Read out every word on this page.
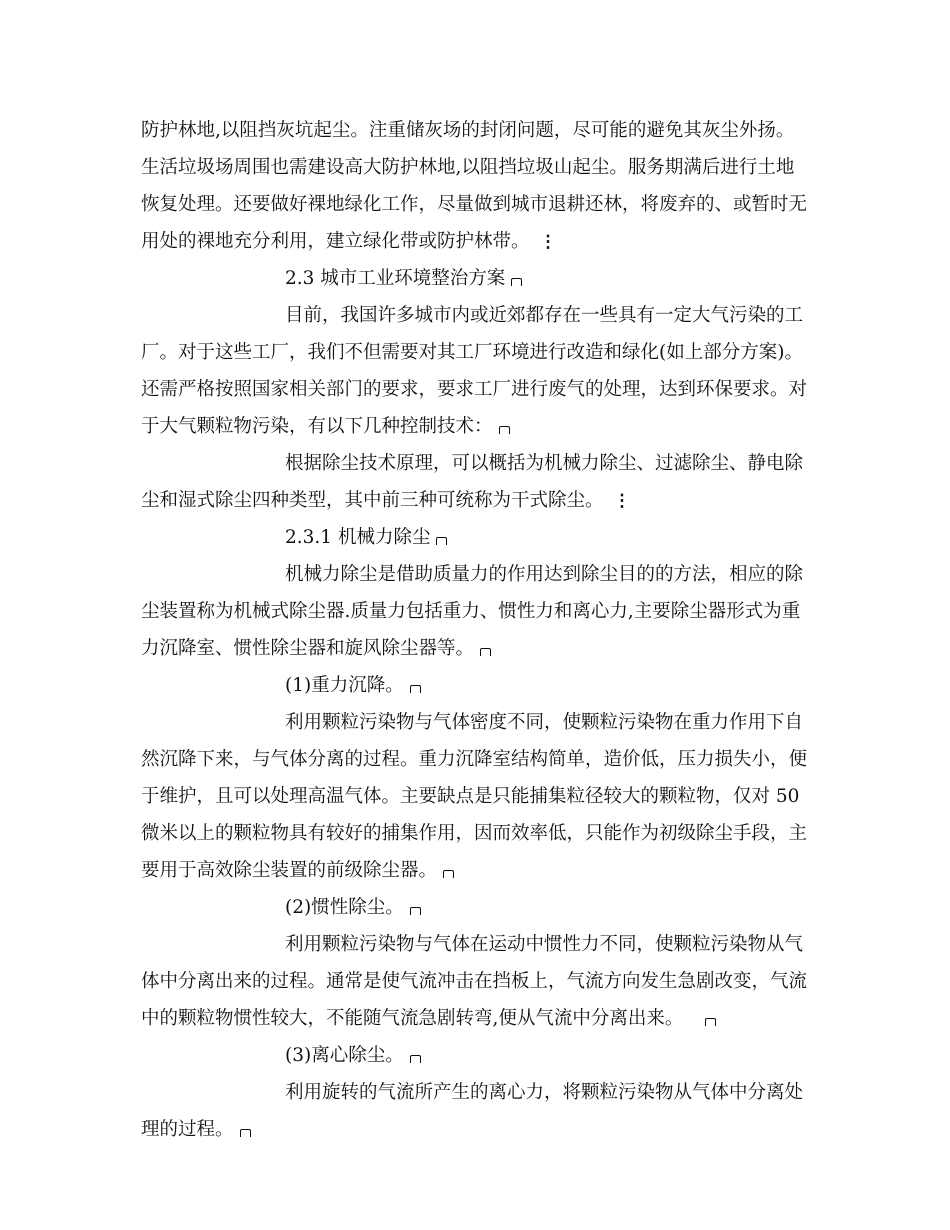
防护林地,以阻挡灰坑起尘。注重储灰场的封闭问题，尽可能的避免其灰尘外扬。
生活垃圾场周围也需建设高大防护林地,以阻挡垃圾山起尘。服务期满后进行土地
恢复处理。还要做好裸地绿化工作，尽量做到城市退耕还林，将废弃的、或暂时无
用处的裸地充分利用，建立绿化带或防护林带。 ⋮
2.3 城市工业环境整治方案
目前，我国许多城市内或近郊都存在一些具有一定大气污染的工
厂。对于这些工厂，我们不但需要对其工厂环境进行改造和绿化(如上部分方案)。
还需严格按照国家相关部门的要求，要求工厂进行废气的处理，达到环保要求。对
于大气颗粒物污染，有以下几种控制技术：
根据除尘技术原理，可以概括为机械力除尘、过滤除尘、静电除
尘和湿式除尘四种类型，其中前三种可统称为干式除尘。 ⋮
2.3.1 机械力除尘
机械力除尘是借助质量力的作用达到除尘目的的方法，相应的除
尘装置称为机械式除尘器.质量力包括重力、惯性力和离心力,主要除尘器形式为重
力沉降室、惯性除尘器和旋风除尘器等。
(1)重力沉降。
利用颗粒污染物与气体密度不同，使颗粒污染物在重力作用下自
然沉降下来，与气体分离的过程。重力沉降室结构简单，造价低，压力损失小，便
于维护，且可以处理高温气体。主要缺点是只能捕集粒径较大的颗粒物，仅对 50
微米以上的颗粒物具有较好的捕集作用，因而效率低，只能作为初级除尘手段，主
要用于高效除尘装置的前级除尘器。
(2)惯性除尘。
利用颗粒污染物与气体在运动中惯性力不同，使颗粒污染物从气
体中分离出来的过程。通常是使气流冲击在挡板上，气流方向发生急剧改变，气流
中的颗粒物惯性较大，不能随气流急剧转弯,便从气流中分离出来。
(3)离心除尘。
利用旋转的气流所产生的离心力，将颗粒污染物从气体中分离处
理的过程。
